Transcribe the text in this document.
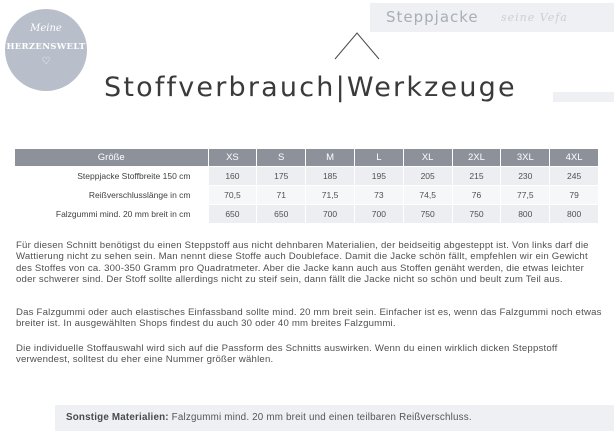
Meine
HERZENSWELT
♡
Steppjacke seine Vefa
Stoffverbrauch|Werkzeuge
Größe	XS	S	M	L	XL	2XL	3XL	4XL
Steppjacke Stoffbreite 150 cm	160	175	185	195	205	215	230	245
Reißverschlusslänge in cm	70,5	71	71,5	73	74,5	76	77,5	79
Falzgummi mind. 20 mm breit in cm	650	650	700	700	750	750	800	800

Für diesen Schnitt benötigst du einen Steppstoff aus nicht dehnbaren Materialien, der beidseitig abgesteppt ist. Von links darf die Wattierung nicht zu sehen sein. Man nennt diese Stoffe auch Doubleface. Damit die Jacke schön fällt, empfehlen wir ein Gewicht des Stoffes von ca. 300-350 Gramm pro Quadratmeter. Aber die Jacke kann auch aus Stoffen genäht werden, die etwas leichter oder schwerer sind. Der Stoff sollte allerdings nicht zu steif sein, dann fällt die Jacke nicht so schön und beult zum Teil aus.

Das Falzgummi oder auch elastisches Einfassband sollte mind. 20 mm breit sein. Einfacher ist es, wenn das Falzgummi noch etwas breiter ist. In ausgewählten Shops findest du auch 30 oder 40 mm breites Falzgummi.

Die individuelle Stoffauswahl wird sich auf die Passform des Schnitts auswirken. Wenn du einen wirklich dicken Steppstoff verwendest, solltest du eher eine Nummer größer wählen.

Sonstige Materialien: Falzgummi mind. 20 mm breit und einen teilbaren Reißverschluss.
